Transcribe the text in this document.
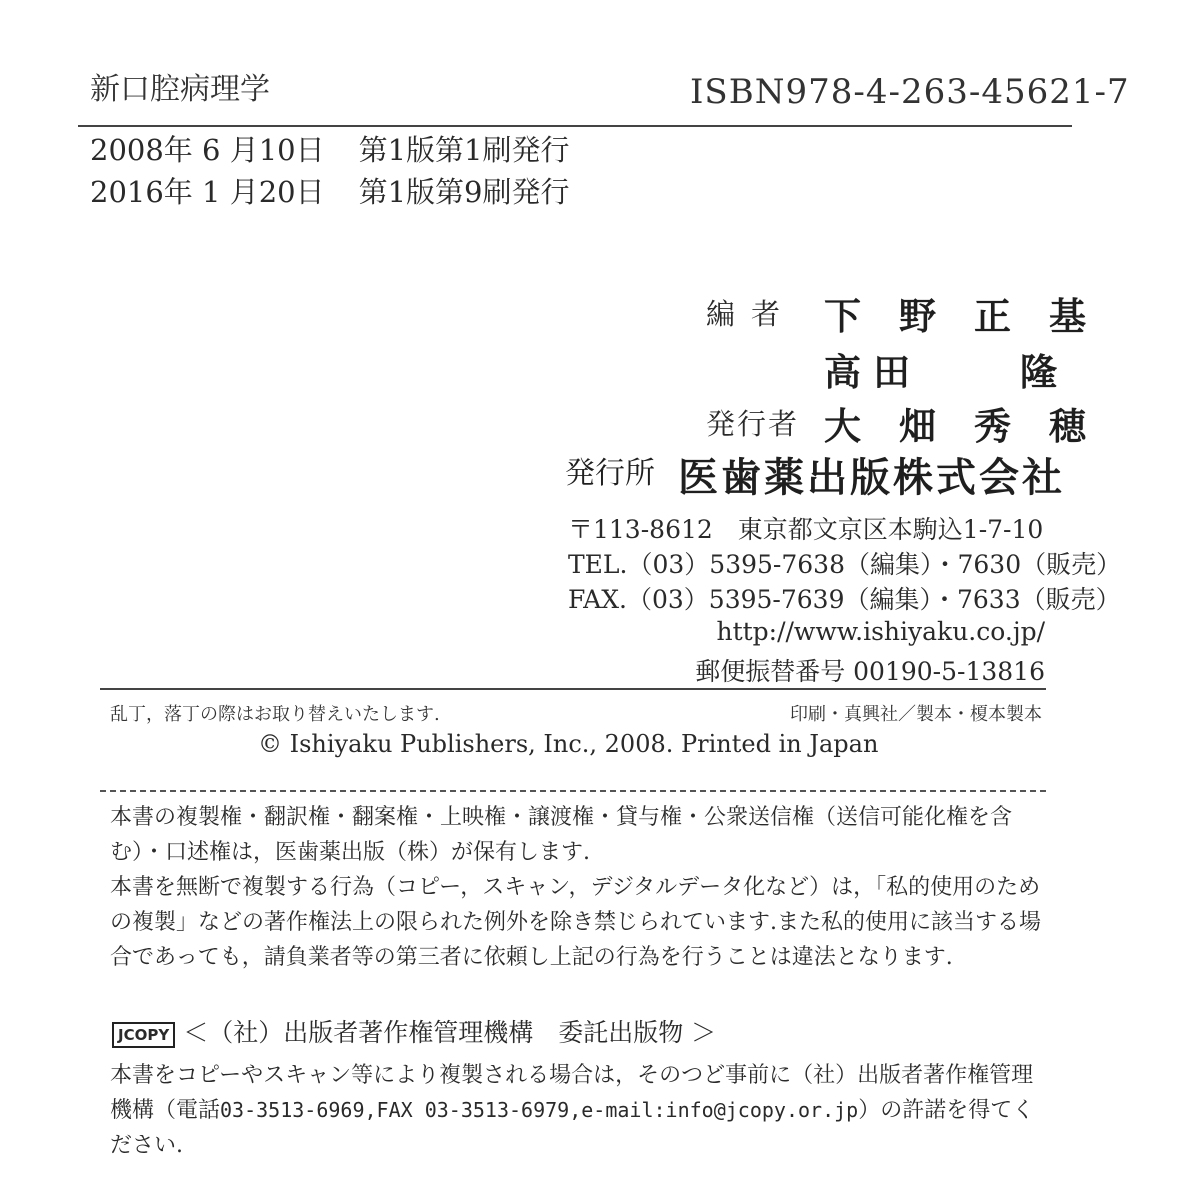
新口腔病理学	ISBN978-4-263-45621-7
2008年 6 月10日 第1版第1刷発行
2016年 1 月20日 第1版第9刷発行
編者 下野正基
高田　　隆
発行者 大畑秀穂
発行所 医歯薬出版株式会社
〒113-8612　東京都文京区本駒込1-7-10
TEL.（03）5395-7638（編集）・7630（販売）
FAX.（03）5395-7639（編集）・7633（販売）
http://www.ishiyaku.co.jp/
郵便振替番号 00190-5-13816
乱丁，落丁の際はお取り替えいたします.	印刷・真興社／製本・榎本製本
© Ishiyaku Publishers, Inc., 2008. Printed in Japan

本書の複製権・翻訳権・翻案権・上映権・譲渡権・貸与権・公衆送信権（送信可能化権を含む）・口述権は，医歯薬出版（株）が保有します.

本書を無断で複製する行為（コピー，スキャン，デジタルデータ化など）は，「私的使用のための複製」などの著作権法上の限られた例外を除き禁じられています.また私的使用に該当する場合であっても，請負業者等の第三者に依頼し上記の行為を行うことは違法となります.

JCOPY ＜（社）出版者著作権管理機構　委託出版物 ＞

本書をコピーやスキャン等により複製される場合は，そのつど事前に（社）出版者著作権管理機構（電話03-3513-6969,FAX 03-3513-6979,e-mail:info@jcopy.or.jp）の許諾を得てください.
